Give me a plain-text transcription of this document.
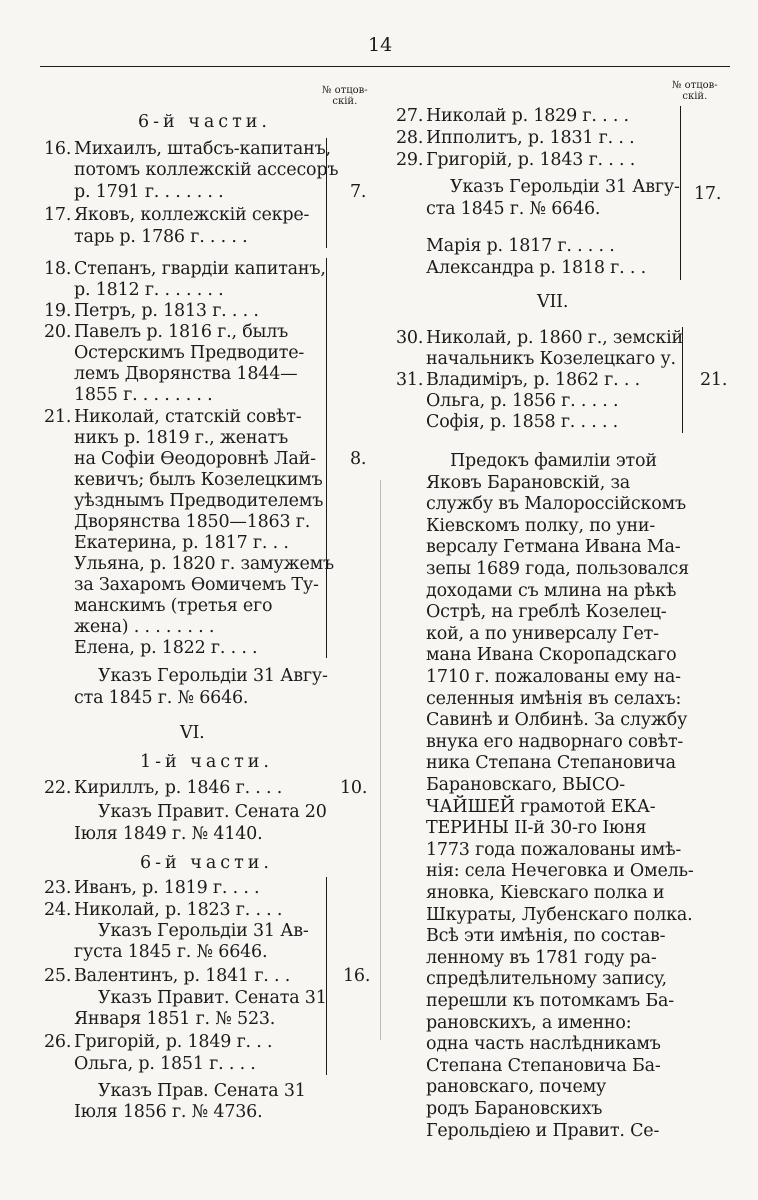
14
№ отцов-
скій.
№ отцов-
скій.
6-й части.
16. Михаилъ, штабсъ-капитанъ,
потомъ коллежскій ассесоръ
р. 1791 г. . . . . . .
17. Яковъ, коллежскій секре-
тарь р. 1786 г. . . . .
7.
18. Степанъ, гвардіи капитанъ,
р. 1812 г. . . . . . .
19. Петръ, р. 1813 г. . . .
20. Павелъ р. 1816 г., былъ
Остерскимъ Предводите-
лемъ Дворянства 1844—
1855 г. . . . . . . .
21. Николай, статскій совѣт-
никъ р. 1819 г., женатъ
на Софіи Өеодоровнѣ Лай-
кевичъ; былъ Козелецкимъ
уѣзднымъ Предводителемъ
Дворянства 1850—1863 г.
Екатерина, р. 1817 г. . .
Ульяна, р. 1820 г. замужемъ
за Захаромъ Өомичемъ Ту-
манскимъ (третья его
жена) . . . . . . . .
Елена, р. 1822 г. . . .
8.
Указъ Герольдіи 31 Авгу-
ста 1845 г. № 6646.
VI.
1-й части.
22. Кириллъ, р. 1846 г. . . .	10.
Указъ Правит. Сената 20
Іюля 1849 г. № 4140.
6-й части.
23. Иванъ, р. 1819 г. . . .
24. Николай, р. 1823 г. . . .
Указъ Герольдіи 31 Ав-
густа 1845 г. № 6646.
25. Валентинъ, р. 1841 г. . .
Указъ Правит. Сената 31
Января 1851 г. № 523.
26. Григорій, р. 1849 г. . .
Ольга, р. 1851 г. . . .
16.
Указъ Прав. Сената 31
Іюля 1856 г. № 4736.
27. Николай р. 1829 г. . . .
28. Ипполитъ, р. 1831 г. . .
29. Григорій, р. 1843 г. . . .
Указъ Герольдіи 31 Авгу-
ста 1845 г. № 6646.
Марія р. 1817 г. . . . .
Александра р. 1818 г. . .
17.
VII.
30. Николай, р. 1860 г., земскій
начальникъ Козелецкаго у.
31. Владиміръ, р. 1862 г. . .
Ольга, р. 1856 г. . . . .
Софія, р. 1858 г. . . . .
21.
Предокъ фамиліи этой
Яковъ Барановскій, за
службу въ Малороссійскомъ
Кіевскомъ полку, по уни-
версалу Гетмана Ивана Ма-
зепы 1689 года, пользовался
доходами съ млина на рѣкѣ
Острѣ, на греблѣ Козелец-
кой, а по универсалу Гет-
мана Ивана Скоропадскаго
1710 г. пожалованы ему на-
селенныя имѣнія въ селахъ:
Савинѣ и Олбинѣ. За службу
внука его надворнаго совѣт-
ника Степана Степановича
Барановскаго, ВЫСО-
ЧАЙШЕЙ грамотой ЕКА-
ТЕРИНЫ II-й 30-го Іюня
1773 года пожалованы имѣ-
нія: села Нечеговка и Омель-
яновка, Кіевскаго полка и
Шкураты, Лубенскаго полка.
Всѣ эти имѣнія, по состав-
ленному въ 1781 году ра-
спредѣлительному записy,
перешли къ потомкамъ Ба-
рановскихъ, а именно:
одна часть наслѣдникамъ
Степана Степановича Ба-
рановскаго, почему
родъ Барановскихъ
Герольдіею и Правит. Се-
